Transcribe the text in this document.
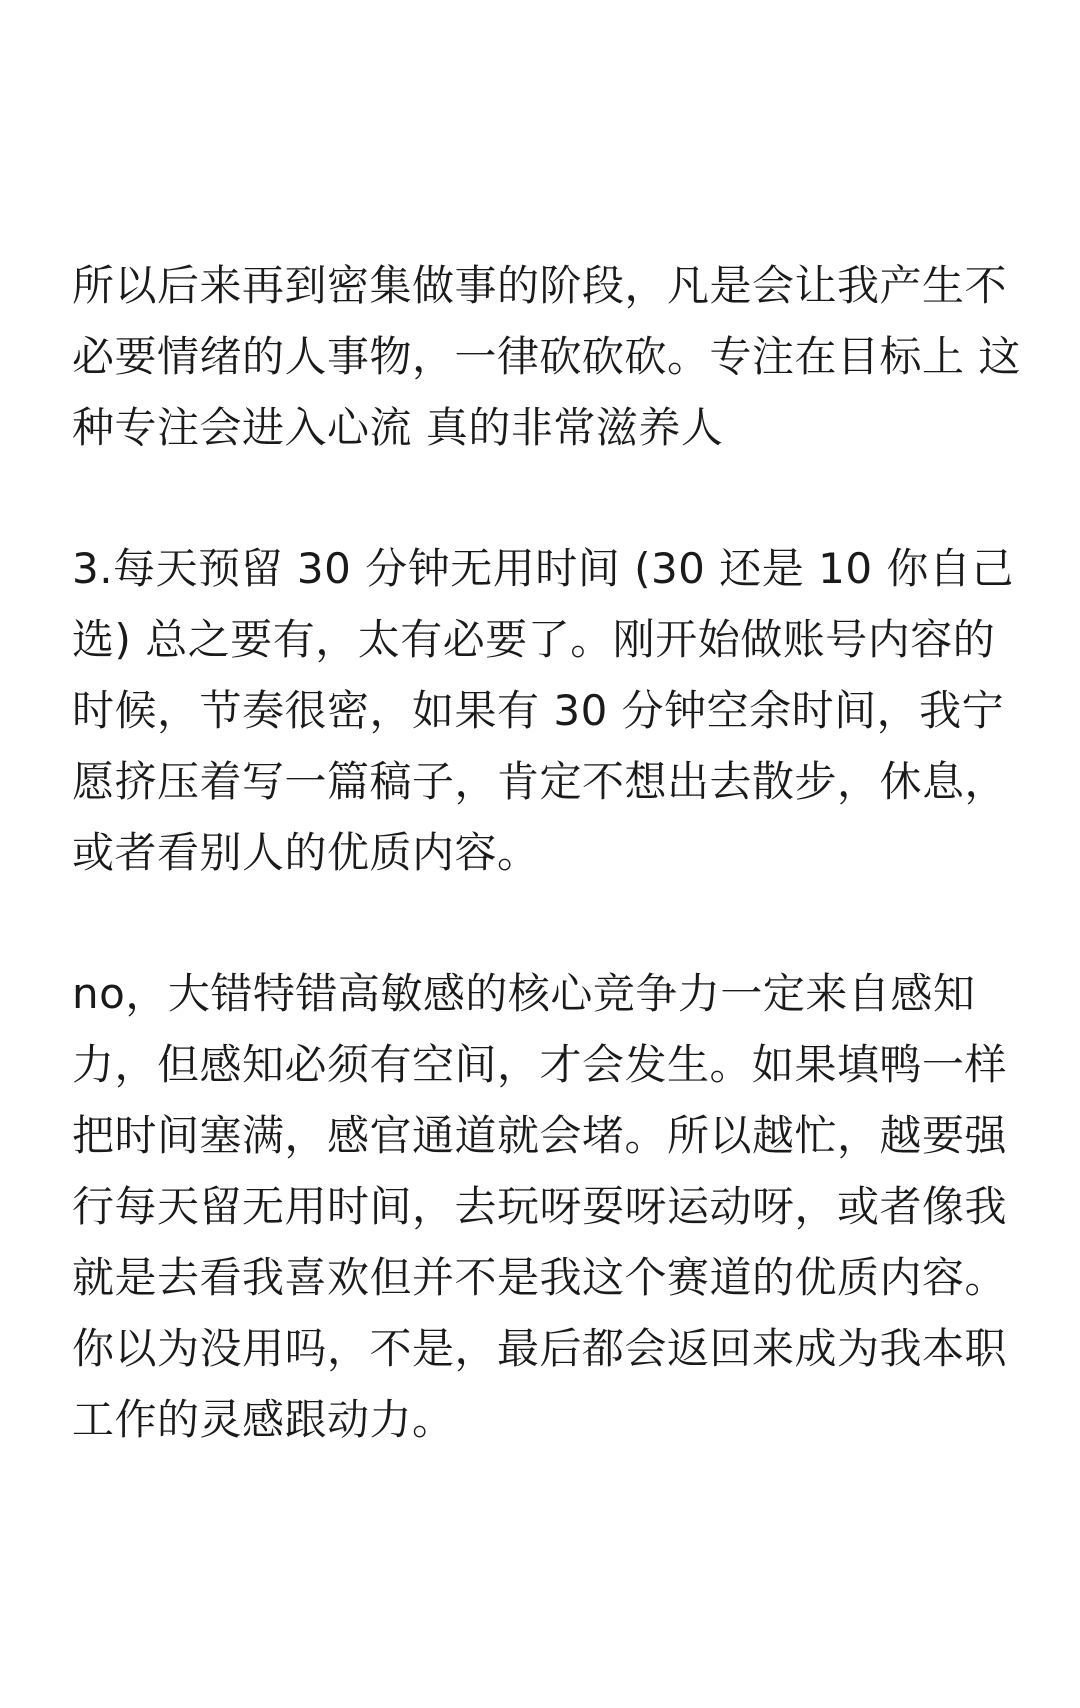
所以后来再到密集做事的阶段，凡是会让我产生不必要情绪的人事物，一律砍砍砍。专注在目标上 这种专注会进入心流 真的非常滋养人

3.每天预留 30 分钟无用时间 (30 还是 10 你自己选) 总之要有，太有必要了。刚开始做账号内容的时候，节奏很密，如果有 30 分钟空余时间，我宁愿挤压着写一篇稿子，肯定不想出去散步，休息，或者看别人的优质内容。

no，大错特错高敏感的核心竞争力一定来自感知力，但感知必须有空间，才会发生。如果填鸭一样把时间塞满，感官通道就会堵。所以越忙，越要强行每天留无用时间，去玩呀耍呀运动呀，或者像我就是去看我喜欢但并不是我这个赛道的优质内容。你以为没用吗，不是，最后都会返回来成为我本职工作的灵感跟动力。
